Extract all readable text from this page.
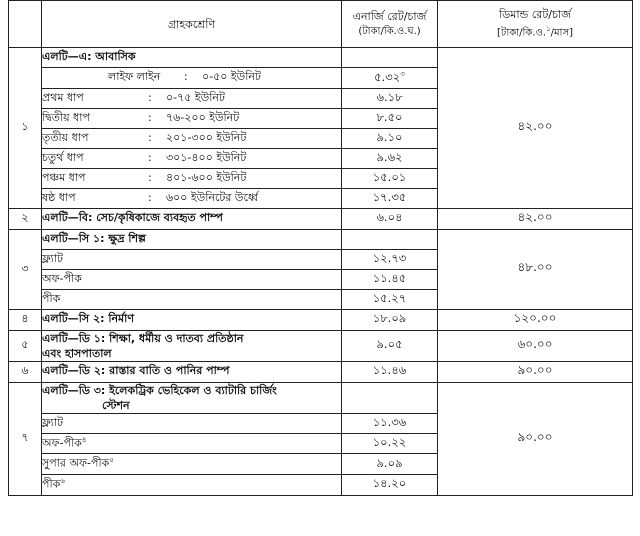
	গ্রাহকশ্রেণি	এনার্জি রেট/চার্জ
(টাকা/কি.ও.ঘ.)	ডিমান্ড রেট/চার্জ
[টাকা/কি.ও.$^১$/মাস]

১	এলটি—এ: আবাসিক		৪২.০০
	লাইফ লাইন : ০-৫০ ইউনিট	৫.৩২$^৩$
	প্রথম ধাপ : ০-৭৫ ইউনিট	৬.১৮	
	দ্বিতীয় ধাপ : ৭৬-২০০ ইউনিট	৮.৫০	
	তৃতীয় ধাপ : ২০১-৩০০ ইউনিট	৯.১০	
	চতুর্থ ধাপ : ৩০১-৪০০ ইউনিট	৯.৬২	
	পঞ্চম ধাপ : ৪০১-৬০০ ইউনিট	১৫.০১	
	ষষ্ঠ ধাপ : ৬০০ ইউনিটের উর্ধ্বে	১৭.৩৫	
২	এলটি—বি: সেচ/কৃষিকাজে ব্যবহৃত পাম্প	৬.০৪	৪২.০০
৩	এলটি—সি ১: ক্ষুদ্র শিল্প		৪৮.০০
	ফ্ল্যাট	১২.৭৩	
	অফ-পীক	১১.৪৫	
	পীক	১৫.২৭	
৪	এলটি—সি ২: নির্মাণ	১৮.০৯	১২০.০০
৫	এলটি—ডি ১: শিক্ষা, ধর্মীয় ও দাতব্য প্রতিষ্ঠান
এবং হাসপাতাল	৯.০৫	৬০.০০
৬	এলটি—ডি ২: রাস্তার বাতি ও পানির পাম্প	১১.৪৬	৯০.০০
৭	এলটি—ডি ৩: ইলেকট্রিক ভেহিকেল ও ব্যাটারি চার্জিং
স্টেশন		৯০.০০
	ফ্ল্যাট	১১.৩৬	
	অফ-পীক$^৪$	১০.২২	
	সুপার অফ-পীক$^৫$	৯.০৯	
	পীক$^৬$	১৪.২০	
